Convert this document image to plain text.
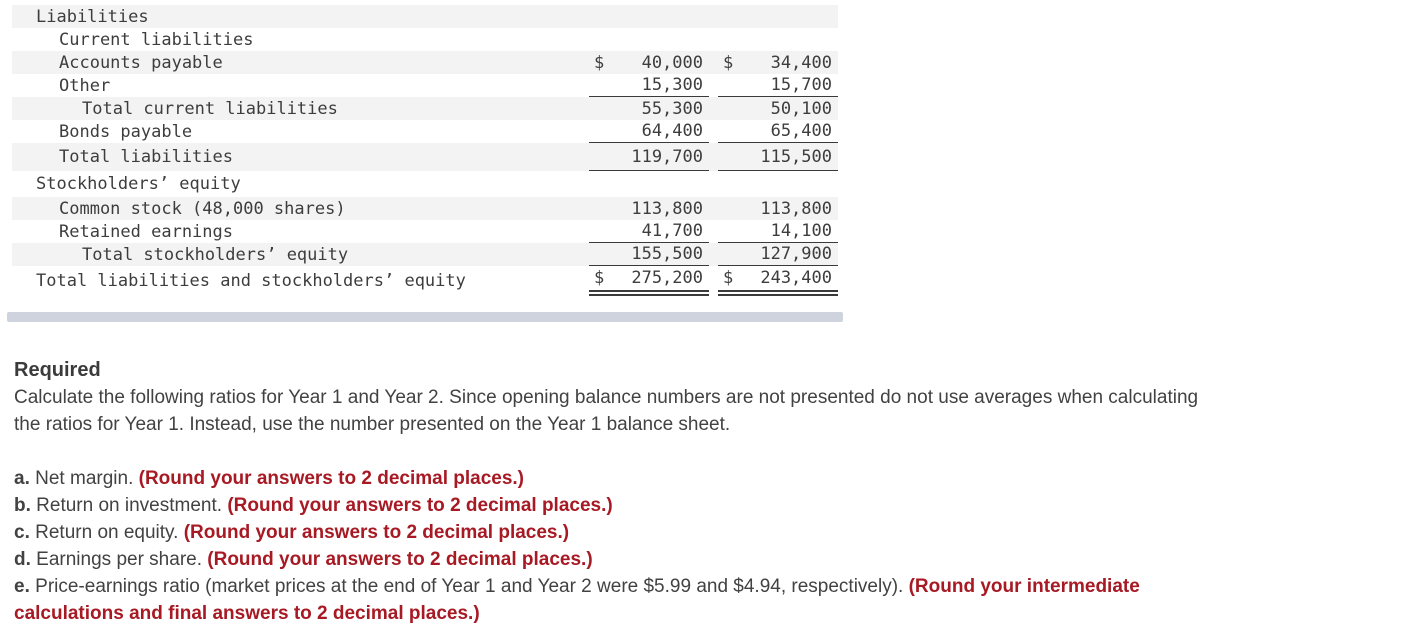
Liabilities
Current liabilities
Accounts payable	$ 40,000 $ 34,400
Other	15,300	15,700
Total current liabilities	55,300	50,100
Bonds payable	64,400	65,400
Total liabilities	119,700	115,500
Stockholders’ equity
Common stock (48,000 shares)	113,800	113,800
Retained earnings	41,700	14,100
Total stockholders’ equity	155,500	127,900
Total liabilities and stockholders’ equity	$ 275,200 $ 243,400
Required
Calculate the following ratios for Year 1 and Year 2. Since opening balance numbers are not presented do not use averages when calculating the ratios for Year 1. Instead, use the number presented on the Year 1 balance sheet.
a. Net margin. (Round your answers to 2 decimal places.)
b. Return on investment. (Round your answers to 2 decimal places.)
c. Return on equity. (Round your answers to 2 decimal places.)
d. Earnings per share. (Round your answers to 2 decimal places.)
e. Price-earnings ratio (market prices at the end of Year 1 and Year 2 were $5.99 and $4.94, respectively). (Round your intermediate calculations and final answers to 2 decimal places.)
